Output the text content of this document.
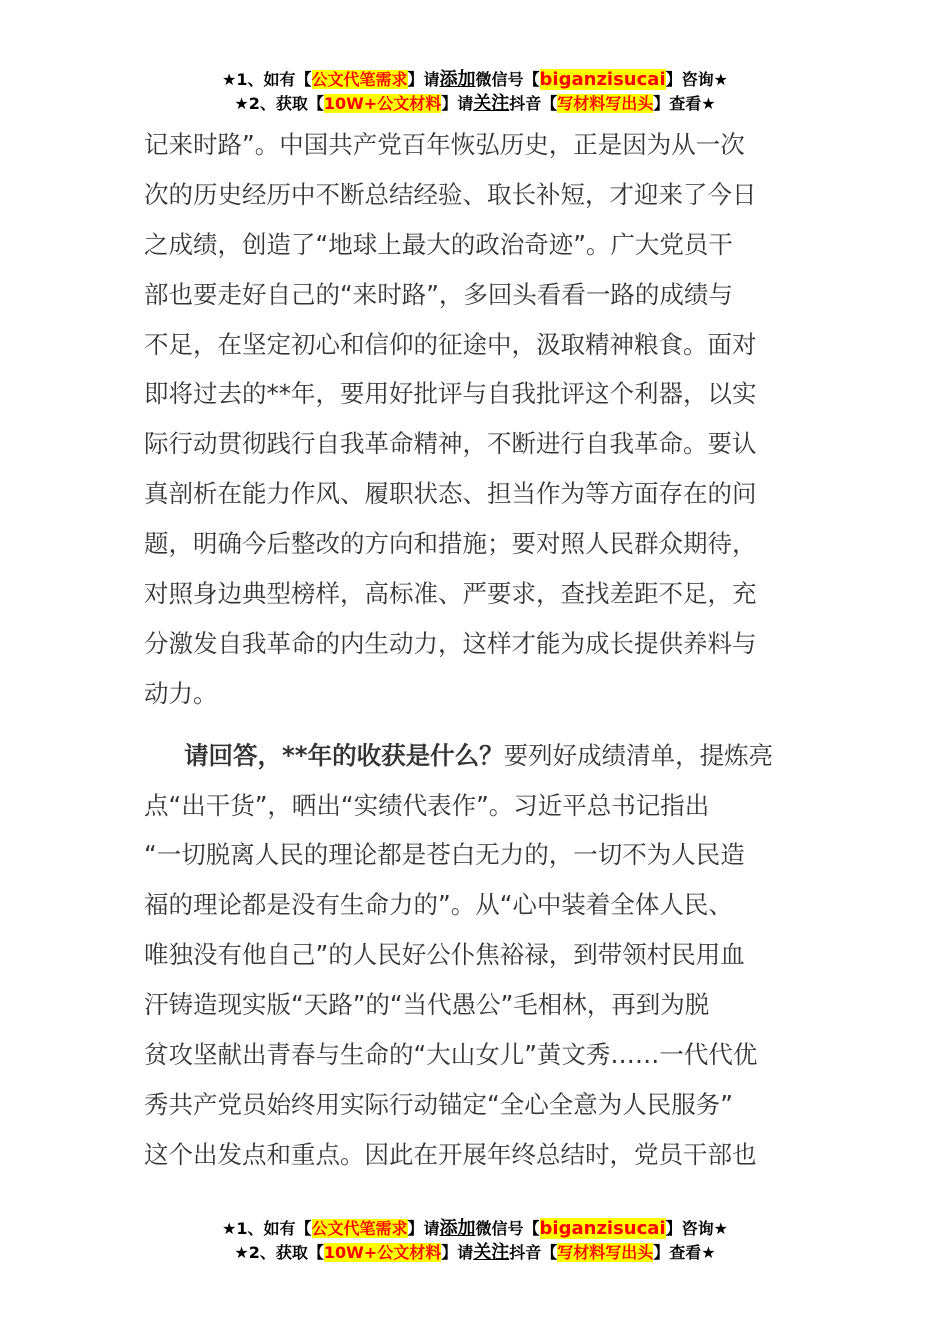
★1、如有【公文代笔需求】请添加微信号【biganzisucai】咨询★
★2、获取【10W+公文材料】请关注抖音【写材料写出头】查看★
记来时路”。中国共产党百年恢弘历史，正是因为从一次
次的历史经历中不断总结经验、取长补短，才迎来了今日
之成绩，创造了“地球上最大的政治奇迹”。广大党员干
部也要走好自己的“来时路”，多回头看看一路的成绩与
不足，在坚定初心和信仰的征途中，汲取精神粮食。面对
即将过去的**年，要用好批评与自我批评这个利器，以实
际行动贯彻践行自我革命精神，不断进行自我革命。要认
真剖析在能力作风、履职状态、担当作为等方面存在的问
题，明确今后整改的方向和措施；要对照人民群众期待，
对照身边典型榜样，高标准、严要求，查找差距不足，充
分激发自我革命的内生动力，这样才能为成长提供养料与
动力。
请回答，**年的收获是什么？要列好成绩清单，提炼亮
点“出干货”，晒出“实绩代表作”。习近平总书记指出
“一切脱离人民的理论都是苍白无力的，一切不为人民造
福的理论都是没有生命力的”。从“心中装着全体人民、
唯独没有他自己”的人民好公仆焦裕禄，到带领村民用血
汗铸造现实版“天路”的“当代愚公”毛相林，再到为脱
贫攻坚献出青春与生命的“大山女儿”黄文秀……一代代优
秀共产党员始终用实际行动锚定“全心全意为人民服务”
这个出发点和重点。因此在开展年终总结时，党员干部也
★1、如有【公文代笔需求】请添加微信号【biganzisucai】咨询★
★2、获取【10W+公文材料】请关注抖音【写材料写出头】查看★
